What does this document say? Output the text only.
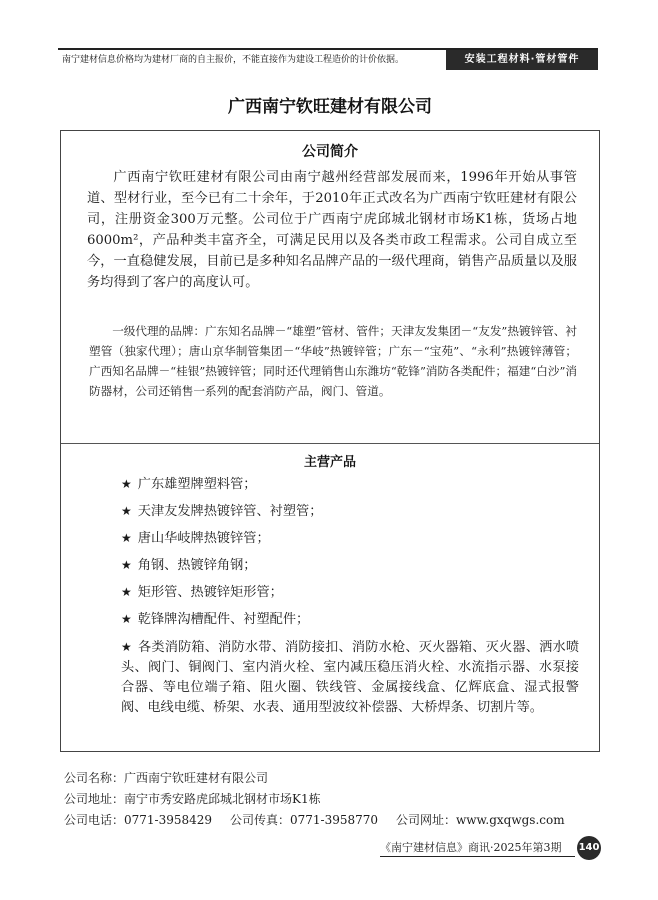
南宁建材信息价格均为建材厂商的自主报价，不能直接作为建设工程造价的计价依据。	安装工程材料·管材管件
广西南宁钦旺建材有限公司
公司简介

广西南宁钦旺建材有限公司由南宁越州经营部发展而来，1996年开始从事管道、型材行业，至今已有二十余年，于2010年正式改名为广西南宁钦旺建材有限公司，注册资金300万元整。公司位于广西南宁虎邱城北钢材市场K1栋，货场占地6000m²，产品种类丰富齐全，可满足民用以及各类市政工程需求。公司自成立至今，一直稳健发展，目前已是多种知名品牌产品的一级代理商，销售产品质量以及服务均得到了客户的高度认可。

一级代理的品牌：广东知名品牌－“雄塑”管材、管件；天津友发集团－“友发”热镀锌管、衬塑管（独家代理）；唐山京华制管集团－“华岐”热镀锌管；广东－“宝苑”、“永利”热镀锌薄管；广西知名品牌－“桂银”热镀锌管；同时还代理销售山东潍坊“乾锋”消防各类配件；福建“白沙”消防器材，公司还销售一系列的配套消防产品，阀门、管道。

主营产品
★ 广东雄塑牌塑料管；
★ 天津友发牌热镀锌管、衬塑管；
★ 唐山华岐牌热镀锌管；
★ 角钢、热镀锌角钢；
★ 矩形管、热镀锌矩形管；
★ 乾锋牌沟槽配件、衬塑配件；
★ 各类消防箱、消防水带、消防接扣、消防水枪、灭火器箱、灭火器、洒水喷头、阀门、铜阀门、室内消火栓、室内减压稳压消火栓、水流指示器、水泵接合器、等电位端子箱、阻火圈、铁线管、金属接线盒、亿辉底盒、湿式报警阀、电线电缆、桥架、水表、通用型波纹补偿器、大桥焊条、切割片等。
公司名称：广西南宁钦旺建材有限公司
公司地址：南宁市秀安路虎邱城北钢材市场K1栋
公司电话：0771-3958429 公司传真：0771-3958770 公司网址：www.gxqwgs.com
《南宁建材信息》商讯·2025年第3期	140
